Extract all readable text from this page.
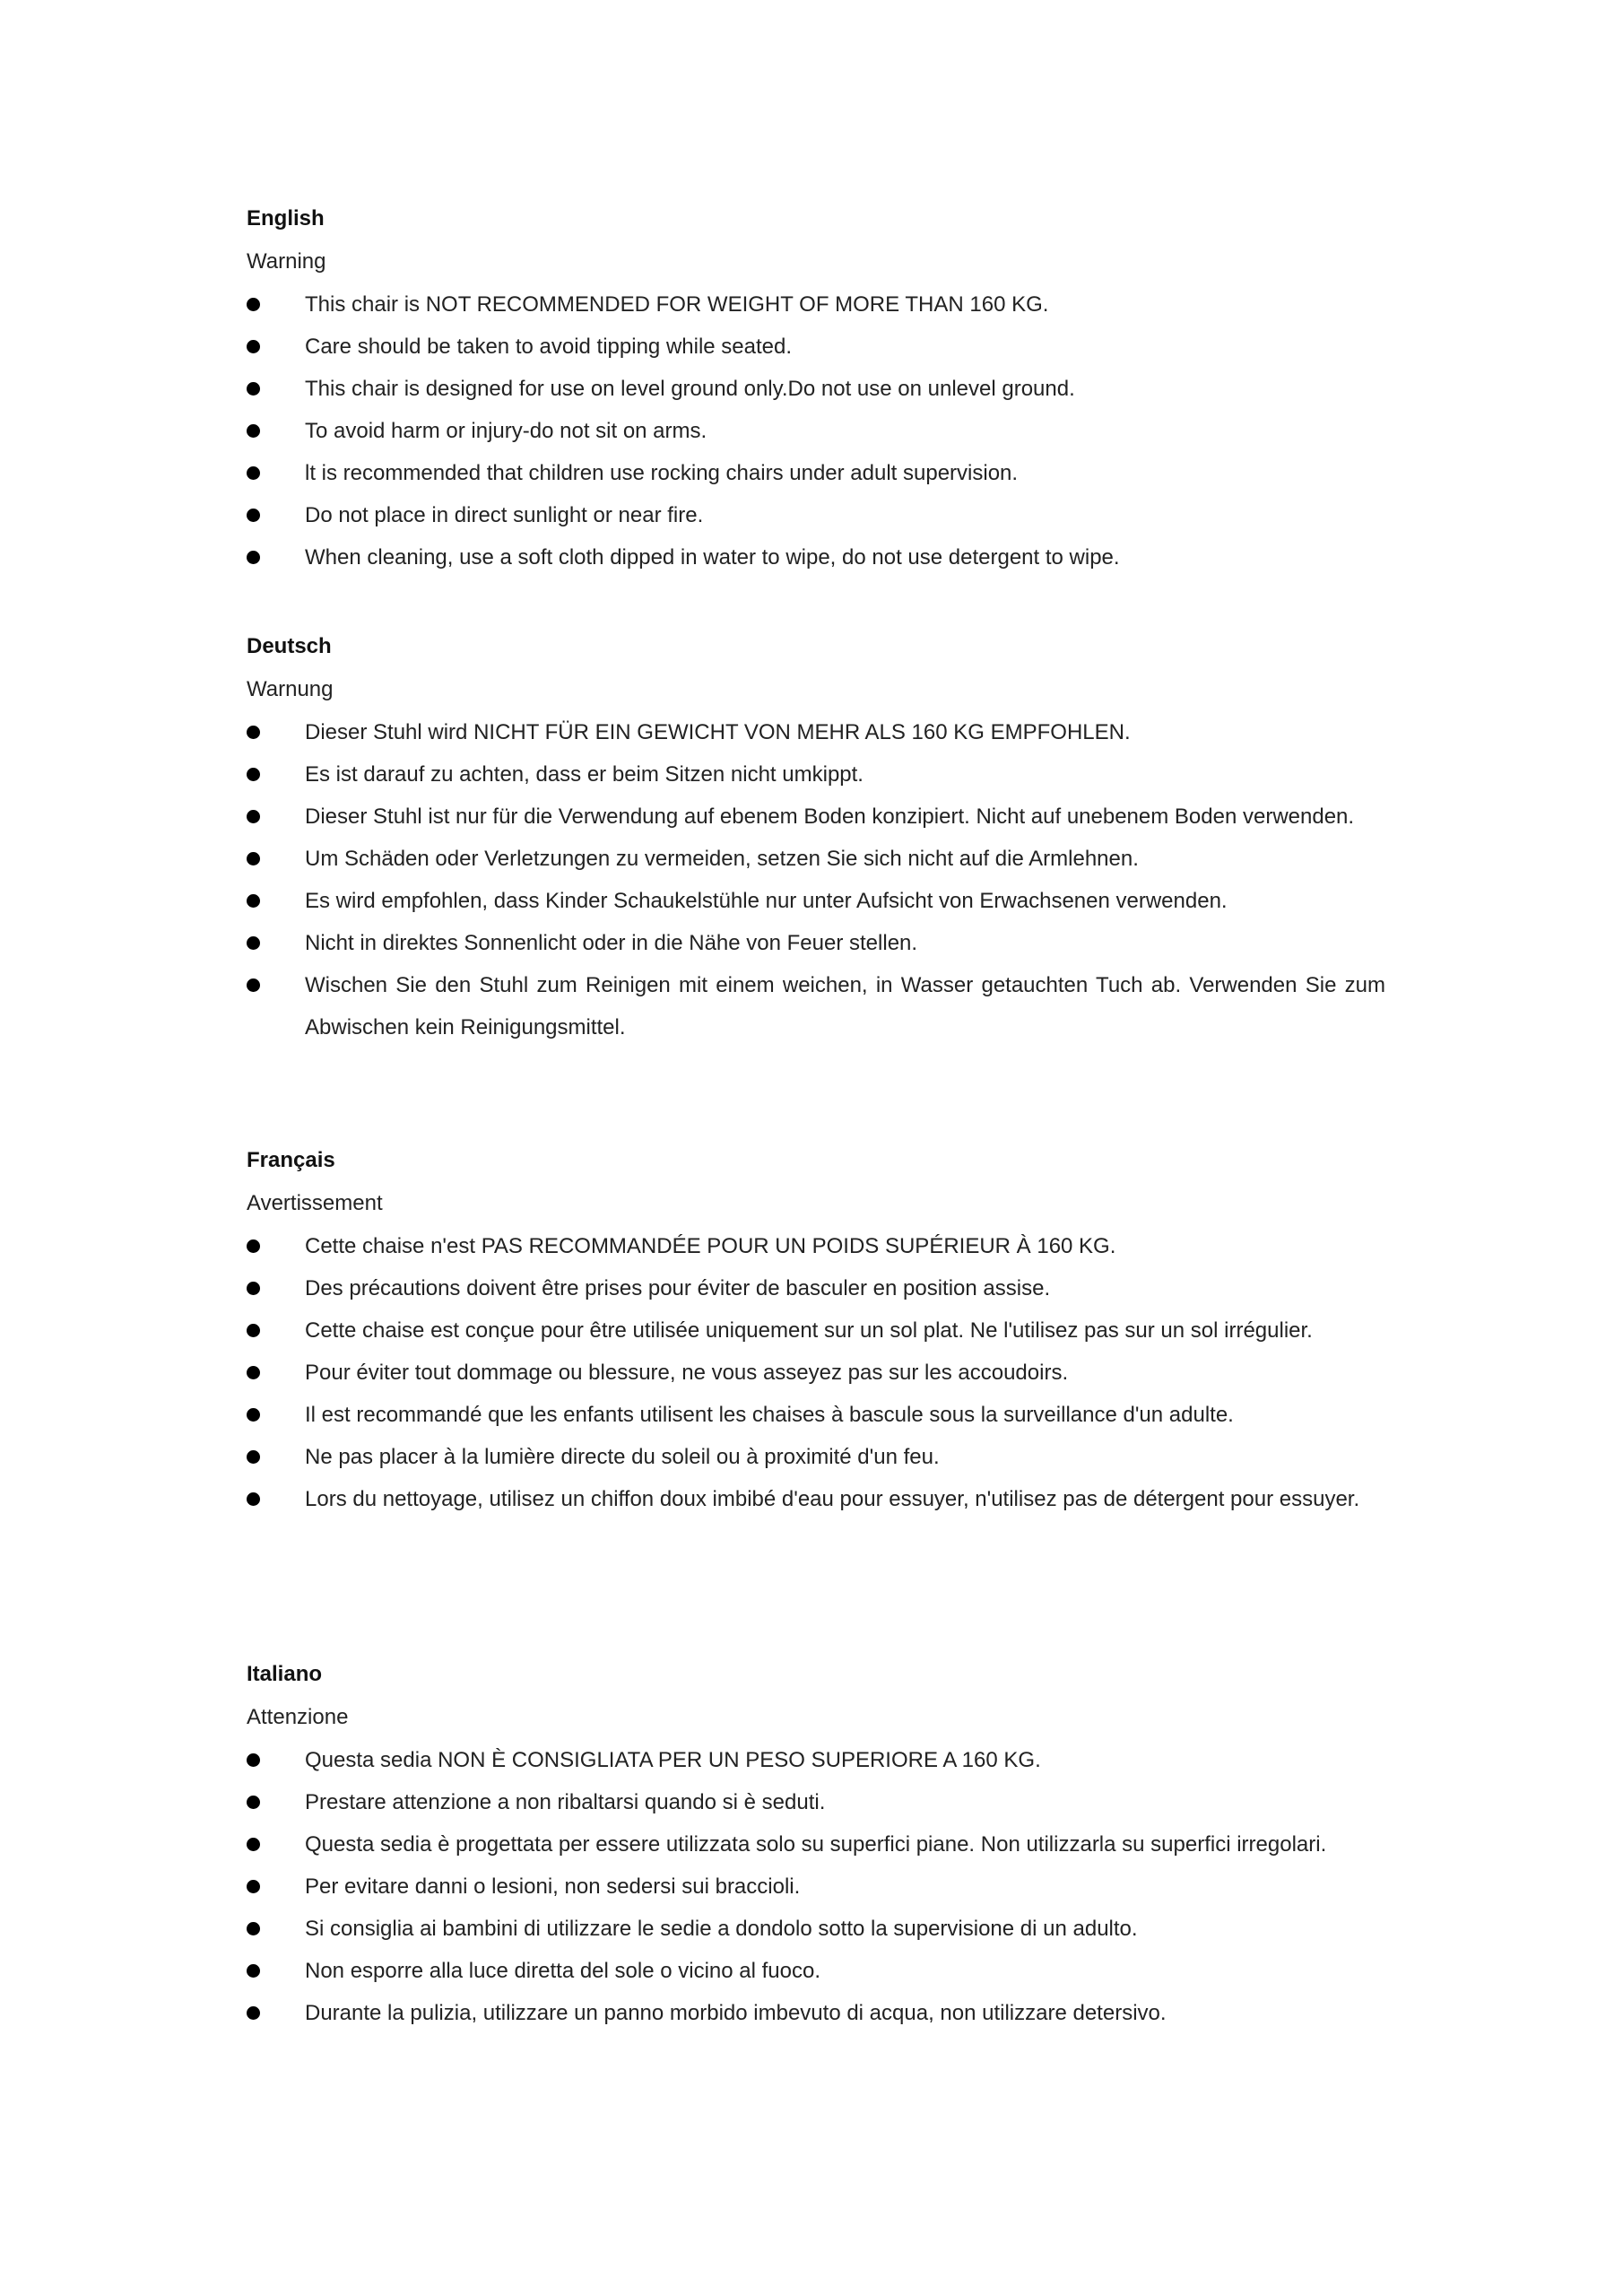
English

Warning

This chair is NOT RECOMMENDED FOR WEIGHT OF MORE THAN 160 KG.
Care should be taken to avoid tipping while seated.
This chair is designed for use on level ground only.Do not use on unlevel ground.
To avoid harm or injury-do not sit on arms.
lt is recommended that children use rocking chairs under adult supervision.
Do not place in direct sunlight or near fire.
When cleaning, use a soft cloth dipped in water to wipe, do not use detergent to wipe.

Deutsch

Warnung

Dieser Stuhl wird NICHT FÜR EIN GEWICHT VON MEHR ALS 160 KG EMPFOHLEN.
Es ist darauf zu achten, dass er beim Sitzen nicht umkippt.
Dieser Stuhl ist nur für die Verwendung auf ebenem Boden konzipiert. Nicht auf unebenem Boden verwenden.
Um Schäden oder Verletzungen zu vermeiden, setzen Sie sich nicht auf die Armlehnen.
Es wird empfohlen, dass Kinder Schaukelstühle nur unter Aufsicht von Erwachsenen verwenden.
Nicht in direktes Sonnenlicht oder in die Nähe von Feuer stellen.
Wischen Sie den Stuhl zum Reinigen mit einem weichen, in Wasser getauchten Tuch ab. Verwenden Sie zum Abwischen kein Reinigungsmittel.

Français

Avertissement

Cette chaise n'est PAS RECOMMANDÉE POUR UN POIDS SUPÉRIEUR À 160 KG.
Des précautions doivent être prises pour éviter de basculer en position assise.
Cette chaise est conçue pour être utilisée uniquement sur un sol plat. Ne l'utilisez pas sur un sol irrégulier.
Pour éviter tout dommage ou blessure, ne vous asseyez pas sur les accoudoirs.
Il est recommandé que les enfants utilisent les chaises à bascule sous la surveillance d'un adulte.
Ne pas placer à la lumière directe du soleil ou à proximité d'un feu.
Lors du nettoyage, utilisez un chiffon doux imbibé d'eau pour essuyer, n'utilisez pas de détergent pour essuyer.

Italiano

Attenzione

Questa sedia NON È CONSIGLIATA PER UN PESO SUPERIORE A 160 KG.
Prestare attenzione a non ribaltarsi quando si è seduti.
Questa sedia è progettata per essere utilizzata solo su superfici piane. Non utilizzarla su superfici irregolari.
Per evitare danni o lesioni, non sedersi sui braccioli.
Si consiglia ai bambini di utilizzare le sedie a dondolo sotto la supervisione di un adulto.
Non esporre alla luce diretta del sole o vicino al fuoco.
Durante la pulizia, utilizzare un panno morbido imbevuto di acqua, non utilizzare detersivo.
